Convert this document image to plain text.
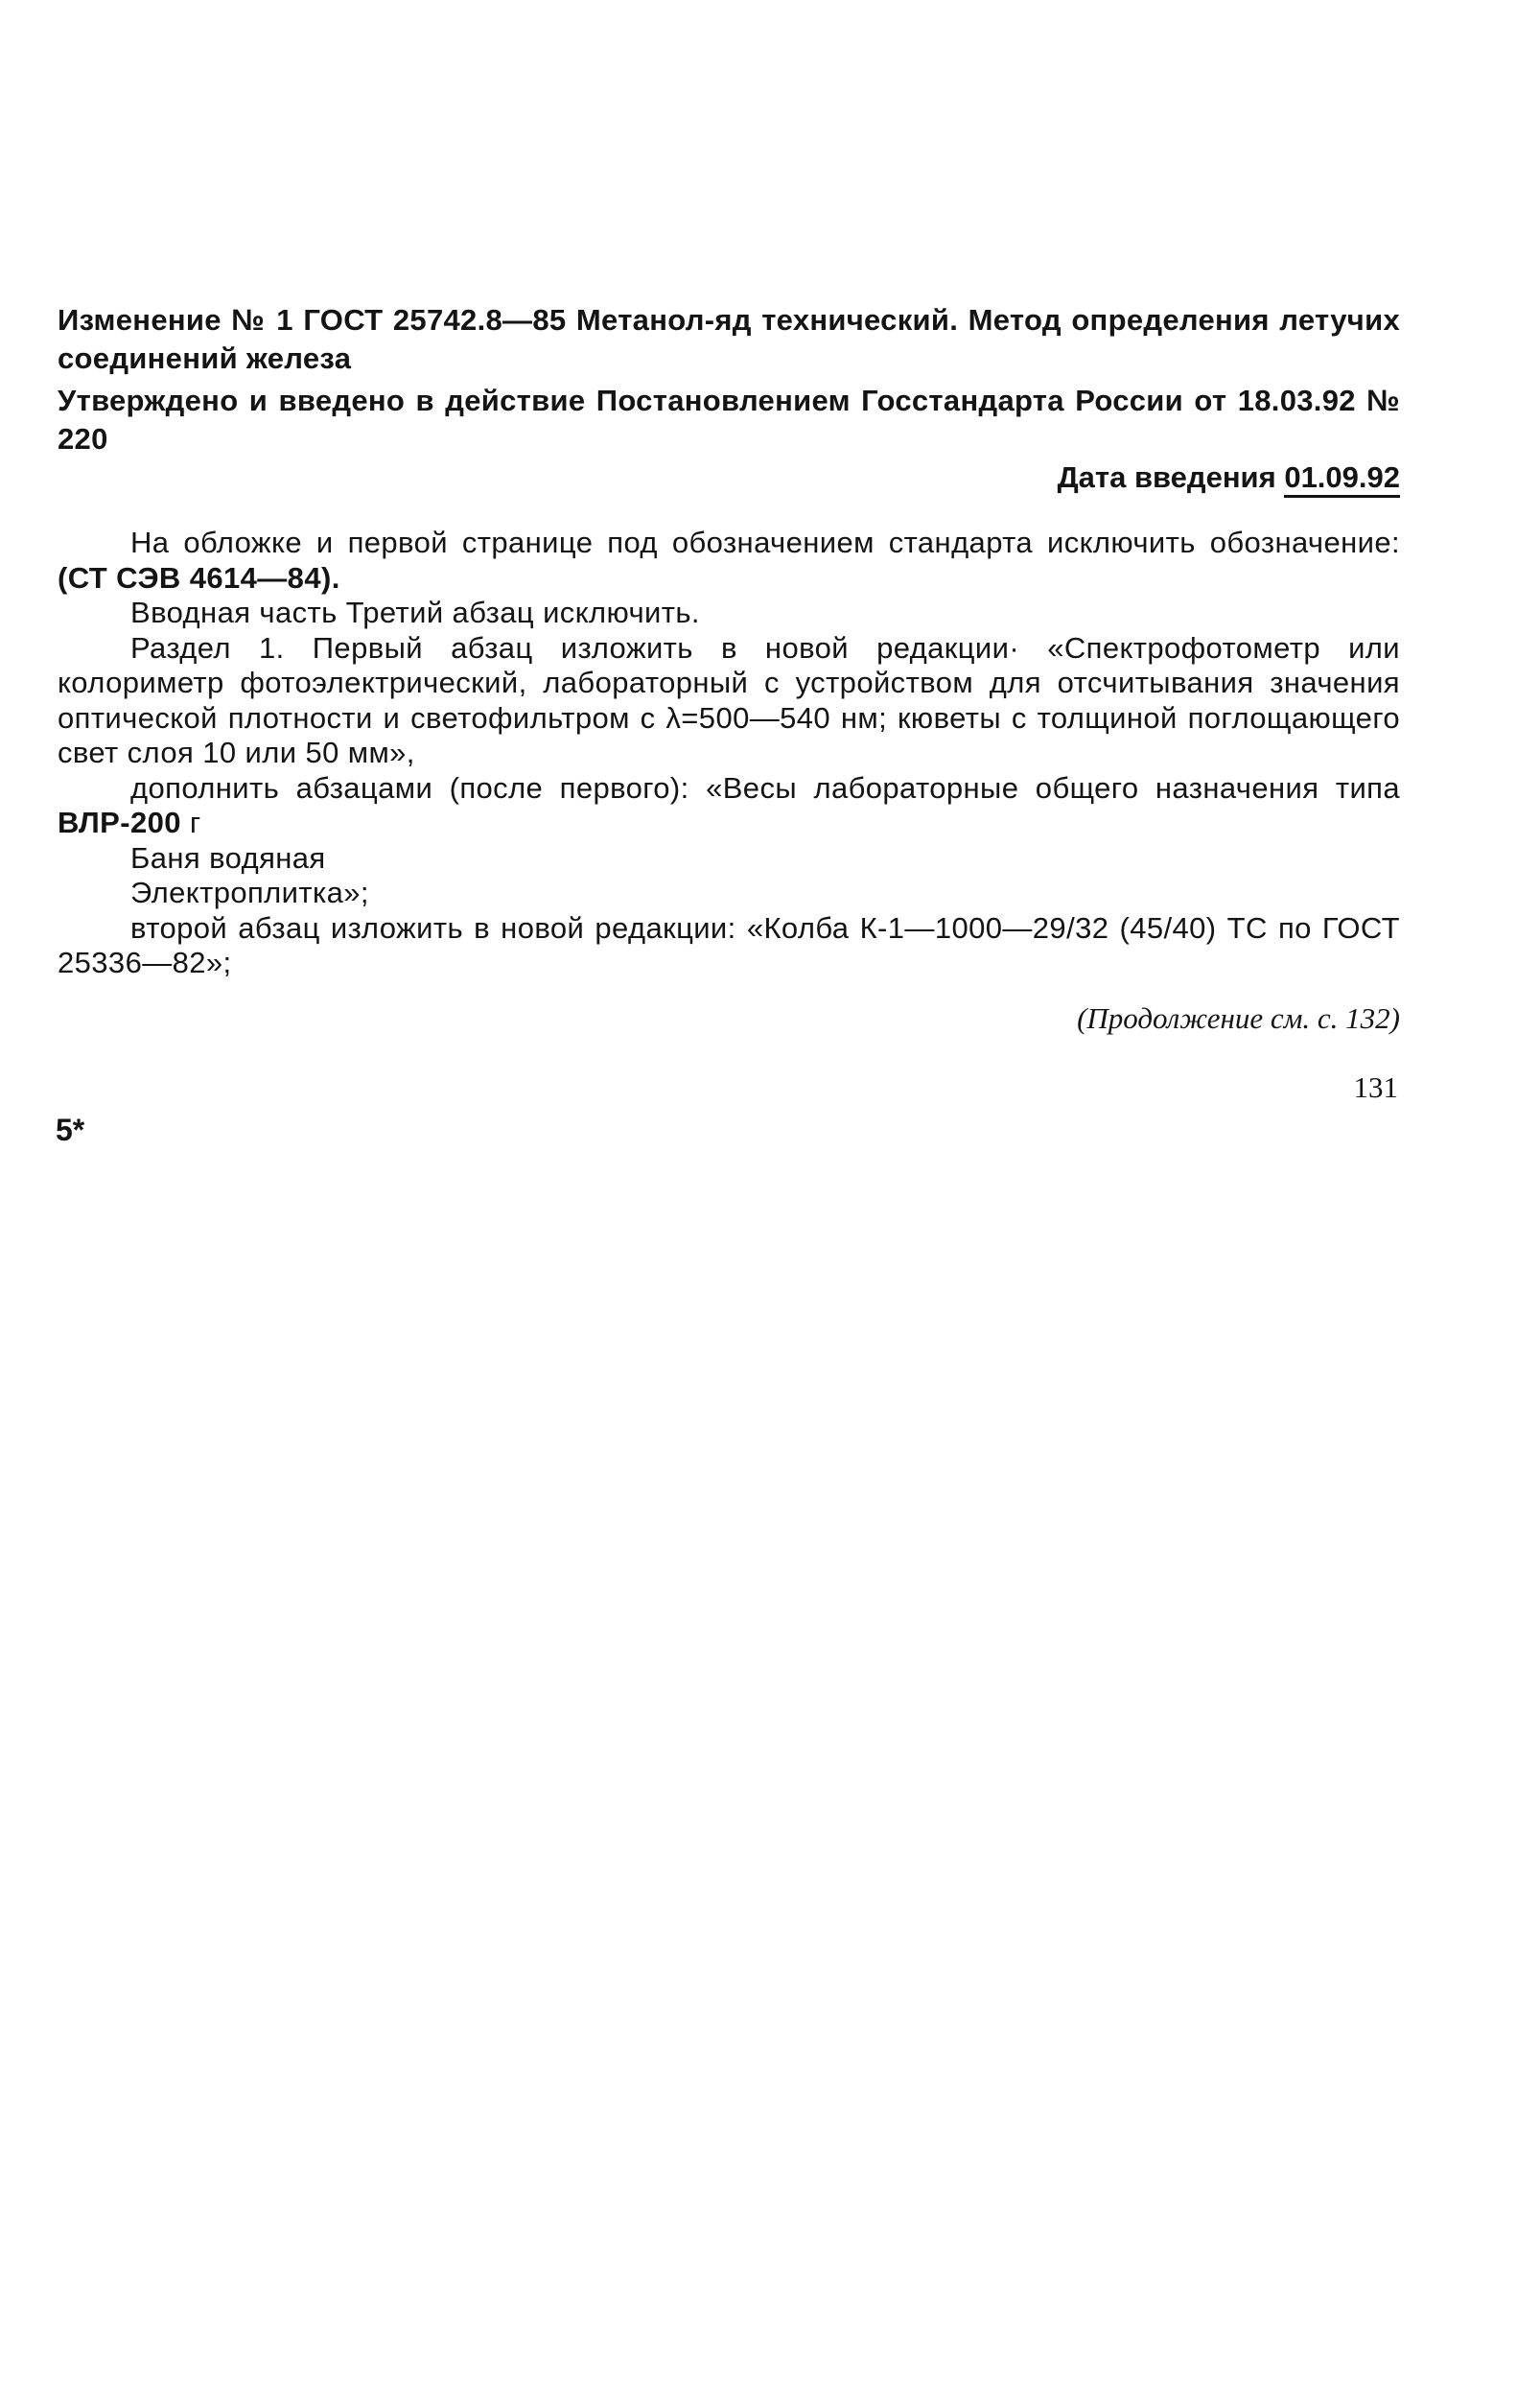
Изменение № 1 ГОСТ 25742.8—85 Метанол-яд технический. Метод определения летучих соединений железа

Утверждено и введено в действие Постановлением Госстандарта России от 18.03.92 № 220

Дата введения 01.09.92

На обложке и первой странице под обозначением стандарта исключить обозначение: (СТ СЭВ 4614—84).

Вводная часть Третий абзац исключить.

Раздел 1. Первый абзац изложить в новой редакции· «Спектрофотометр или колориметр фотоэлектрический, лабораторный с устройством для отсчитывания значения оптической плотности и светофильтром с λ=500—540 нм; кюветы с толщиной поглощающего свет слоя 10 или 50 мм»,

дополнить абзацами (после первого): «Весы лабораторные общего назначения типа ВЛР-200 г

Баня водяная

Электроплитка»;

второй абзац изложить в новой редакции: «Колба К-1—1000—29/32 (45/40) ТС по ГОСТ 25336—82»;

(Продолжение см. с. 132)
131
5*
